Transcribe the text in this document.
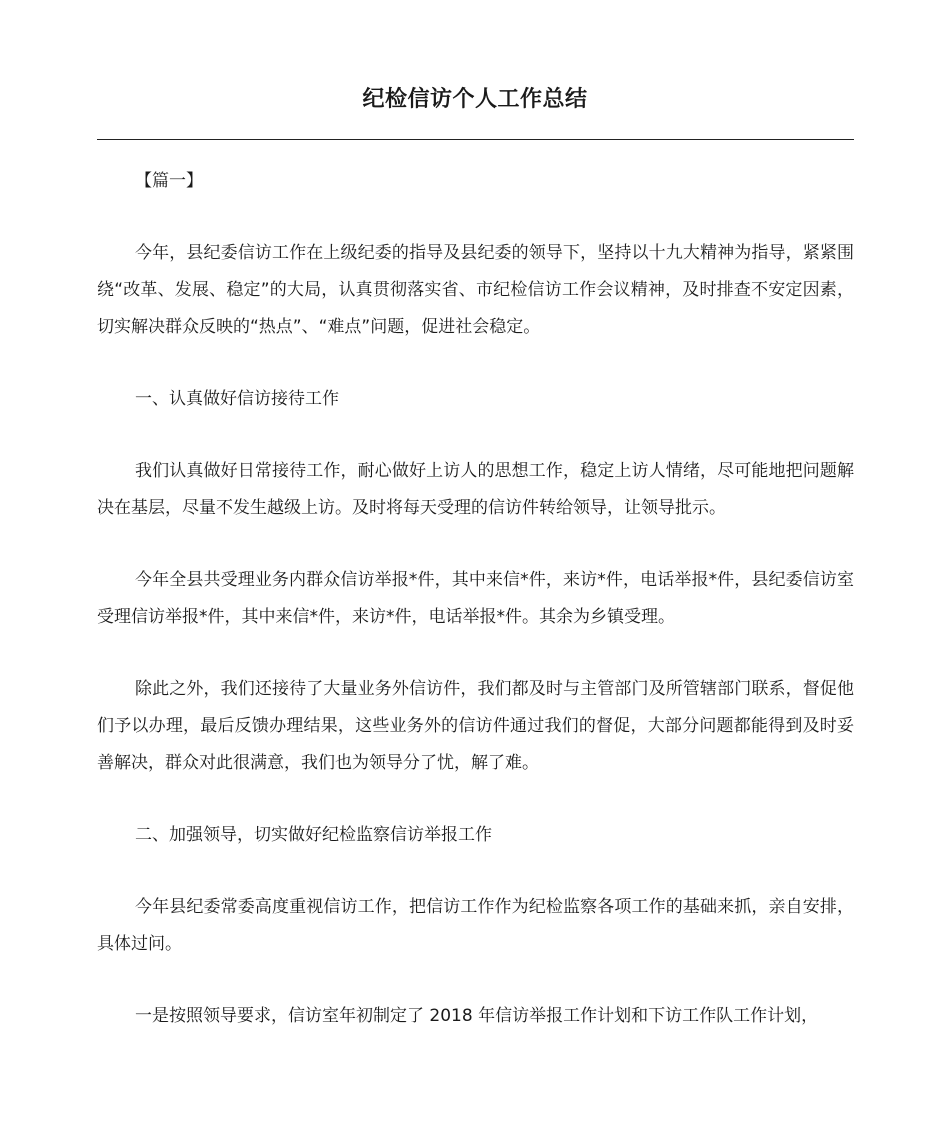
纪检信访个人工作总结

【篇一】

今年，县纪委信访工作在上级纪委的指导及县纪委的领导下，坚持以十九大精神为指导，紧紧围绕“改革、发展、稳定”的大局，认真贯彻落实省、市纪检信访工作会议精神，及时排查不安定因素，切实解决群众反映的“热点”、“难点”问题，促进社会稳定。

一、认真做好信访接待工作

我们认真做好日常接待工作，耐心做好上访人的思想工作，稳定上访人情绪，尽可能地把问题解决在基层，尽量不发生越级上访。及时将每天受理的信访件转给领导，让领导批示。

今年全县共受理业务内群众信访举报*件，其中来信*件，来访*件，电话举报*件，县纪委信访室受理信访举报*件，其中来信*件，来访*件，电话举报*件。其余为乡镇受理。

除此之外，我们还接待了大量业务外信访件，我们都及时与主管部门及所管辖部门联系，督促他们予以办理，最后反馈办理结果，这些业务外的信访件通过我们的督促，大部分问题都能得到及时妥善解决，群众对此很满意，我们也为领导分了忧，解了难。

二、加强领导，切实做好纪检监察信访举报工作

今年县纪委常委高度重视信访工作，把信访工作作为纪检监察各项工作的基础来抓，亲自安排，具体过问。

一是按照领导要求，信访室年初制定了 2018 年信访举报工作计划和下访工作队工作计划，
